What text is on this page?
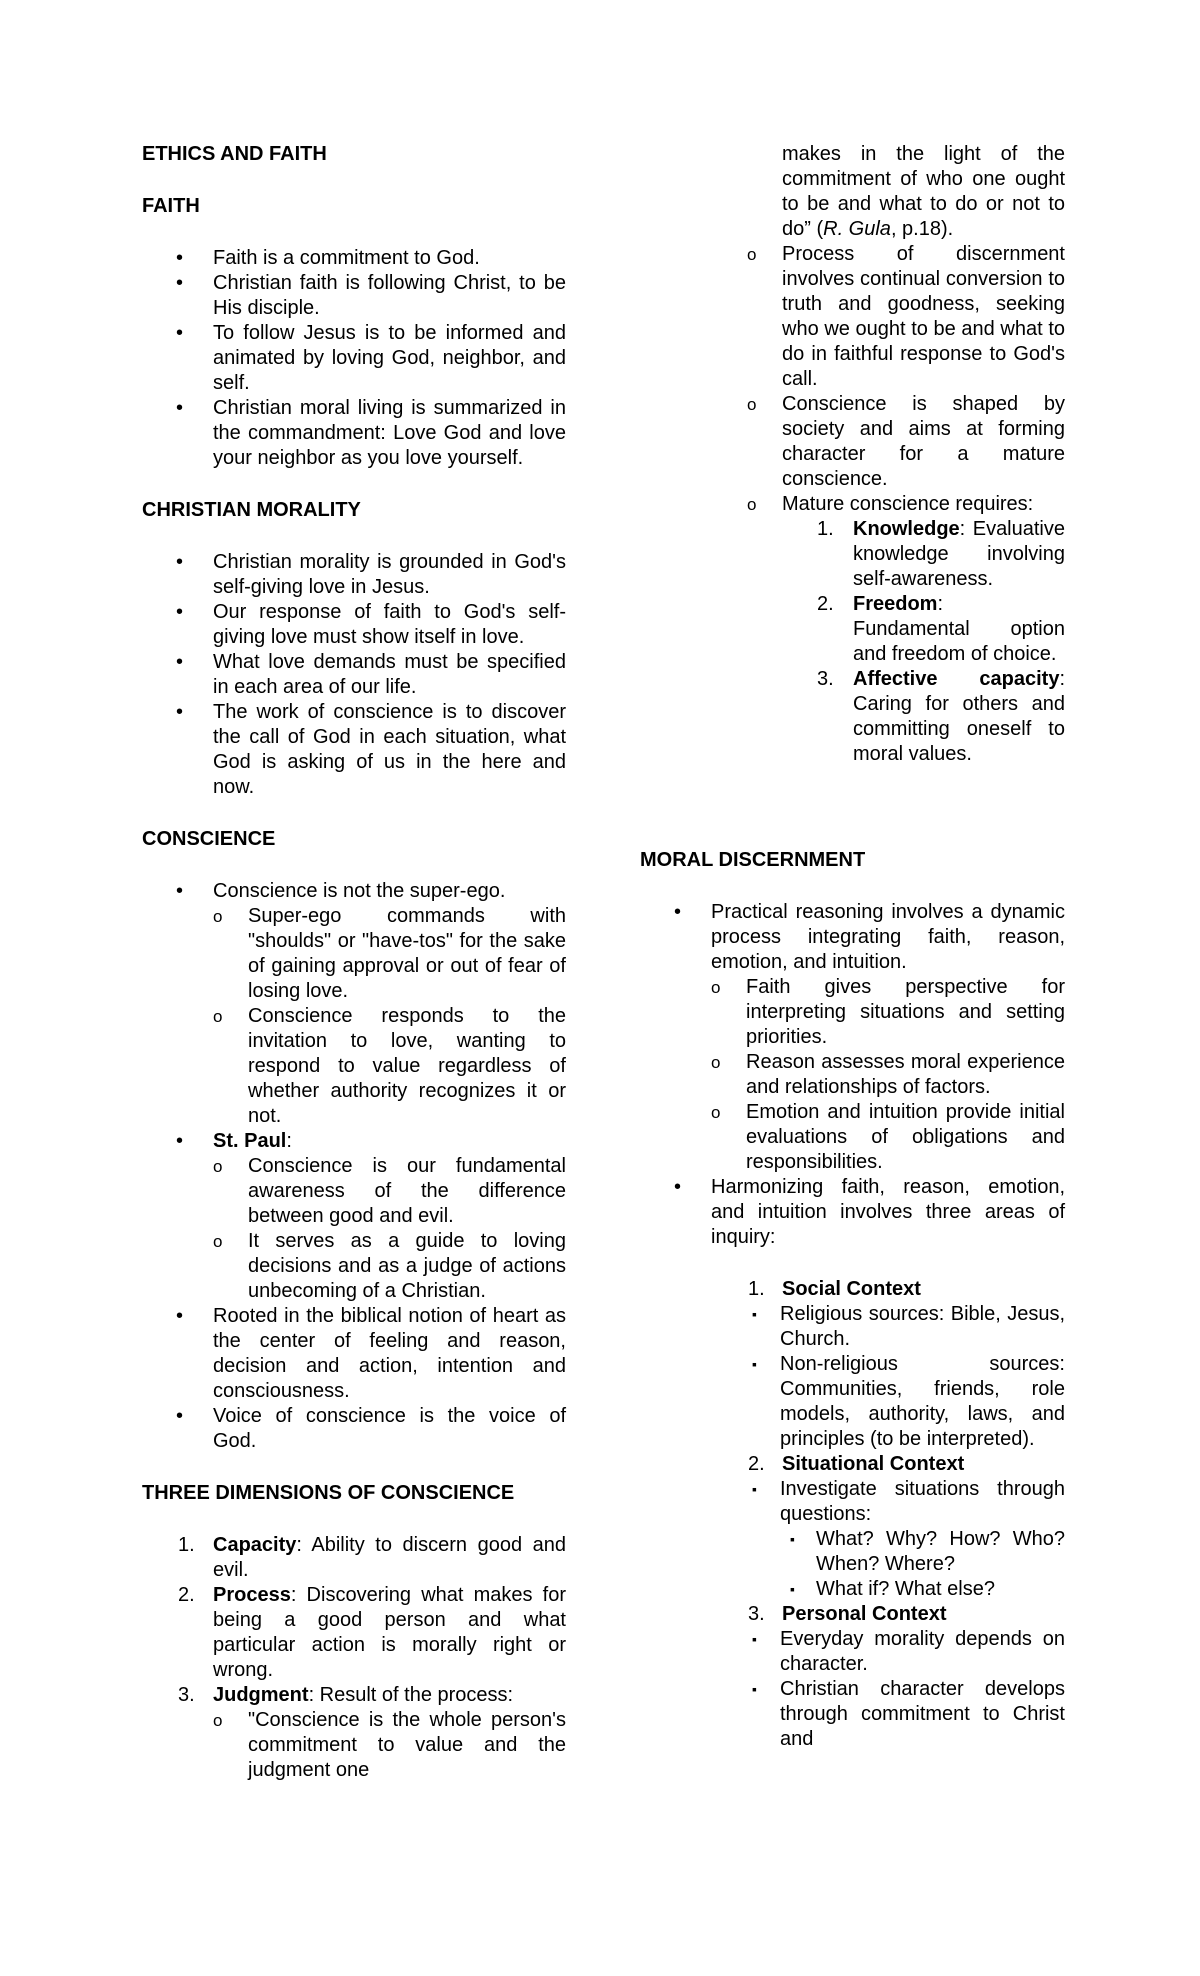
ETHICS AND FAITH
FAITH
• Faith is a commitment to God.
• Christian faith is following Christ, to be His disciple.
• To follow Jesus is to be informed and animated by loving God, neighbor, and self.
• Christian moral living is summarized in the commandment: Love God and love your neighbor as you love yourself.
CHRISTIAN MORALITY
• Christian morality is grounded in God's self-giving love in Jesus.
• Our response of faith to God's self-giving love must show itself in love.
• What love demands must be specified in each area of our life.
• The work of conscience is to discover the call of God in each situation, what God is asking of us in the here and now.
CONSCIENCE
• Conscience is not the super-ego.
o Super-ego commands with "shoulds" or "have-tos" for the sake of gaining approval or out of fear of losing love.
o Conscience responds to the invitation to love, wanting to respond to value regardless of whether authority recognizes it or not.
• St. Paul:
o Conscience is our fundamental awareness of the difference between good and evil.
o It serves as a guide to loving decisions and as a judge of actions unbecoming of a Christian.
• Rooted in the biblical notion of heart as the center of feeling and reason, decision and action, intention and consciousness.
• Voice of conscience is the voice of God.
THREE DIMENSIONS OF CONSCIENCE
1. Capacity: Ability to discern good and evil.
2. Process: Discovering what makes for being a good person and what particular action is morally right or wrong.
3. Judgment: Result of the process:
o "Conscience is the whole person's commitment to value and the judgment one
makes in the light of the commitment of who one ought to be and what to do or not to do” (R. Gula, p.18).
o Process of discernment involves continual conversion to truth and goodness, seeking who we ought to be and what to do in faithful response to God's call.
o Conscience is shaped by society and aims at forming character for a mature conscience.
o Mature conscience requires:
1. Knowledge: Evaluative knowledge involving self-awareness.
2. Freedom: Fundamental option and freedom of choice.
3. Affective capacity: Caring for others and committing oneself to moral values.
MORAL DISCERNMENT
• Practical reasoning involves a dynamic process integrating faith, reason, emotion, and intuition.
o Faith gives perspective for interpreting situations and setting priorities.
o Reason assesses moral experience and relationships of factors.
o Emotion and intuition provide initial evaluations of obligations and responsibilities.
• Harmonizing faith, reason, emotion, and intuition involves three areas of inquiry:
1. Social Context
▪ Religious sources: Bible, Jesus, Church.
▪ Non-religious sources: Communities, friends, role models, authority, laws, and principles (to be interpreted).
2. Situational Context
▪ Investigate situations through questions:
▪ What? Why? How? Who? When? Where?
▪ What if? What else?
3. Personal Context
▪ Everyday morality depends on character.
▪ Christian character develops through commitment to Christ and
